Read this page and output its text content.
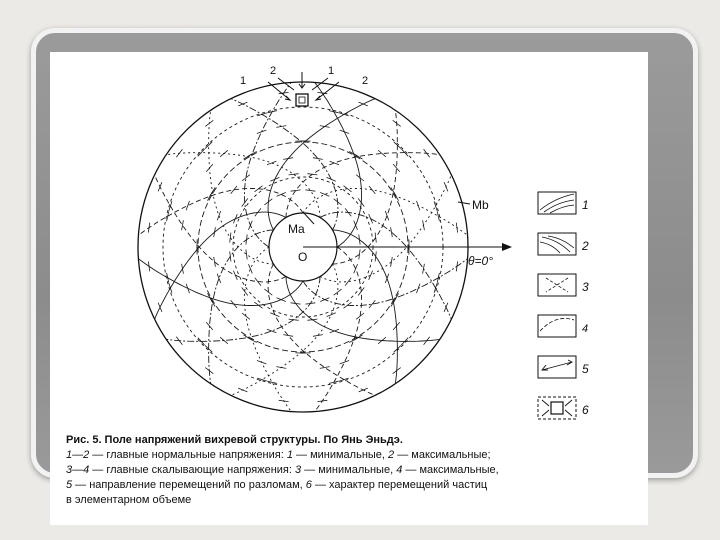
1
2	1
2
Ma
O
Mb
θ=0°
1
2
3
4
5
6
Рис. 5. Поле напряжений вихревой структуры. По Янь Эньдэ.
1—2 — главные нормальные напряжения: 1 — минимальные, 2 — максимальные;
3—4 — главные скалывающие напряжения: 3 — минимальные, 4 — максимальные,
5 — направление перемещений по разломам, 6 — характер перемещений частиц
в элементарном объеме
